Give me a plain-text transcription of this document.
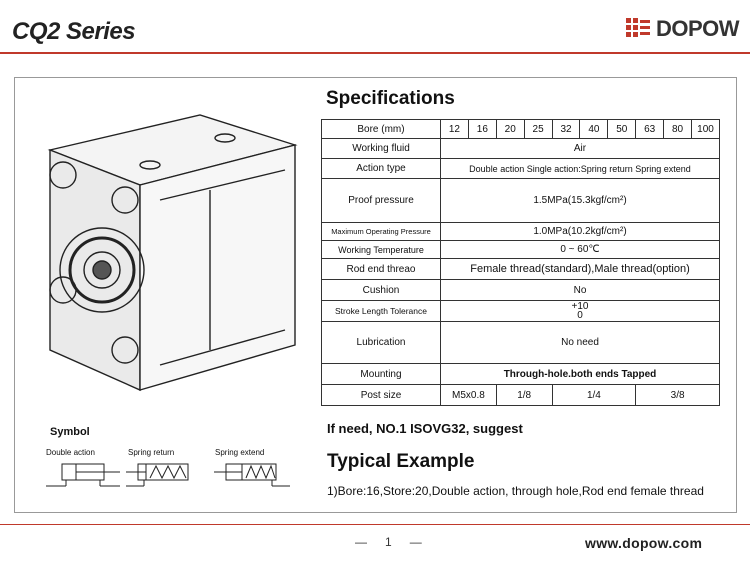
CQ2 Series	DOPOW
Specifications
Bore (mm)	12	16	20	25	32	40	50	63	80	100
Working fluid	Air									
Action type	Double action Single action:Spring return Spring extend									
Proof pressure	1.5MPa(15.3kgf/cm²)									
Maximum Operating Pressure	1.0MPa(10.2kgf/cm²)									
Working Temperature	0 ~ 60℃									
Rod end threao	Female thread(standard),Male thread(option)									
Cushion	No									
Stroke Length Tolerance	+10
0									

Lubrication	No need									
Mounting	Through-hole.both ends Tapped									
Post size	M5x0.8		1/8		1/4			3/8		
If need, NO.1 ISOVG32, suggest
Typical Example
1)Bore:16,Store:20,Double action, through hole,Rod end female thread
Symbol
Double action	Spring return	Spring extend
— 1 —	www.dopow.com
